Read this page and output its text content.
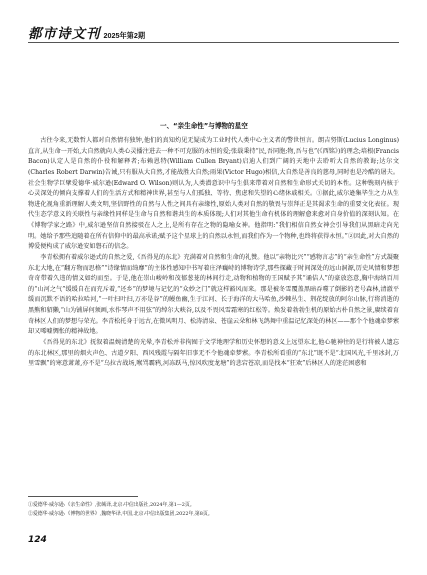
都市诗文刊 2025年第2期
一、“亲生命性”与博物的星空

古往今来,无数哲人都对自然情有独钟,他们的真知灼见无疑成为工业时代人类中心主义者的警世恒言。朗吉努斯(Lucius Longinus)直言,从生命一开始,大自然就向人类心灵播注进去一种不可克服的永恒的爱;张载秉持“民,吾同胞;物,吾与也”(《西铭》)的理念;培根(Francis Bacon)认定人是自然的仆役和解释者;布赖恩特(William Cullen Bryant)启迪人们到广阔的天地中去聆听大自然的教诲;达尔文(Charles Robert Darwin)告诫,只有服从大自然,才能战胜大自然;雨果(Victor Hugo)相信,大自然是善良的慈母,同时也是冷酷的屠夫。社会生物学巨擘爱德华·威尔逊(Edward O. Wilson)则认为,人类潜意识中与生俱来带着对自然和生命形式关切的本性。这种镌刻内核于心灵深处的倾向支撑着人们的生活方式和精神世界,甚至与人们孤独、等待、焦虑和失望的心绪休戚相关。①据此,威尔逊集毕生之力从生物进化视角重新理解人类文明,坚信野性的自然与人性之间具有亲缘性,原始人类对自然的敬畏与崇拜正是其渴求生命的重要文化表征。现代生态学意义的关联性与亲缘性同样是生命与自然和谐共生的本质体现;人们对其他生命有机体的理解愈来愈对自身价值的深刻认知。在《博物学家之路》中,威尔逊坚信自然接驳在人之上,是所有存在之物的隐喻女神。他指明:“我们相信自然女神会引导我们从黑暗走向光明。她给予那些追随着在所有信仰中的最高承诺;赋予这个星球上的自然以永恒,而我们作为一个物种,也终将获得永恒。”②因此,对大自然的博爱便构成了威尔逊安如磐石的信念。

李青松拥有着威尔逊式的自然之爱,《吾得见的东北》充满着对自然和生命的礼赞。他以“亲物比兴”“感物言志”的“亲生命性”方式凝聚东北大地,在“翻方物而思格”“诗缘情而绮靡”的主体性感知中书写着庄泽巍峙的博物诗学,那些探藏于时间深处的远山洞源,历史风情和梦想奇奇带着久违的情义如约而至。于是,他在崇山峻岭和茂郁葱茏的林间行走,动物和植物的王国赋予其“诵佶人”的豪放恣意,胸中海纳百川的“山河之气”缓缓自在而充斥着,“还乡”的梦境与记忆的“众妙之门”就这样豁风而来。那是被冬雪覆盖黑暗吞噬了倒影的老号森林,清澈平缓而沉默不语的哈拉哈河,“一叶扫叶扫,万亦是谷”的鳗鱼幽,生于江河、长于海洋的大马哈鱼,沙棘丛生、荆花绽放的阿尔山脉,行将消逝的黑熊和貂獭,“山为铺屏何须画,水作琴声不用弦”的绰尔大峡谷,以及不畏风雪霜寒的红松等。焕发着勃勃生机的原始古朴自然之景,赓续着育奇林区人们的梦想与荣光。李青松托身于远古,在微风明月、松涛清泉、苍崖云朵和林飞鸽舞中重温记忆深处的林区——那个个他魂牵梦萦却又唏嘘惆怅的精神故地。

《吾得见的东北》抚叙着温婉清楚的光晕,李青松并非拘囿于文学地理学和历史怀想的意义上远望东北,他心驰神往的是行将被人遗忘的东北林区,那里的烟火声色、古道夕阳、西风残霞与隔年旧事无不令他魂牵梦萦。李青松所看重的“东北”既不是“北国风光,千里冰封,万里雪飘”的寒意萧萧,亦不是“乌拉古战场,喉骂霸鸦,河冻跃马,惊风吹度龙塘”的悲宕苍凉,而是找本“狂欢”后林区人的迷茫困惑和

①爱德华·威尔逊:《亲生命性》,张缄译,北京:中信出版社,2024年,第1—2页。
②爱德华·威尔逊:《博物的世界》,魏晓华译,中国,北京:中信出版集团,2022年,第8页。
124
